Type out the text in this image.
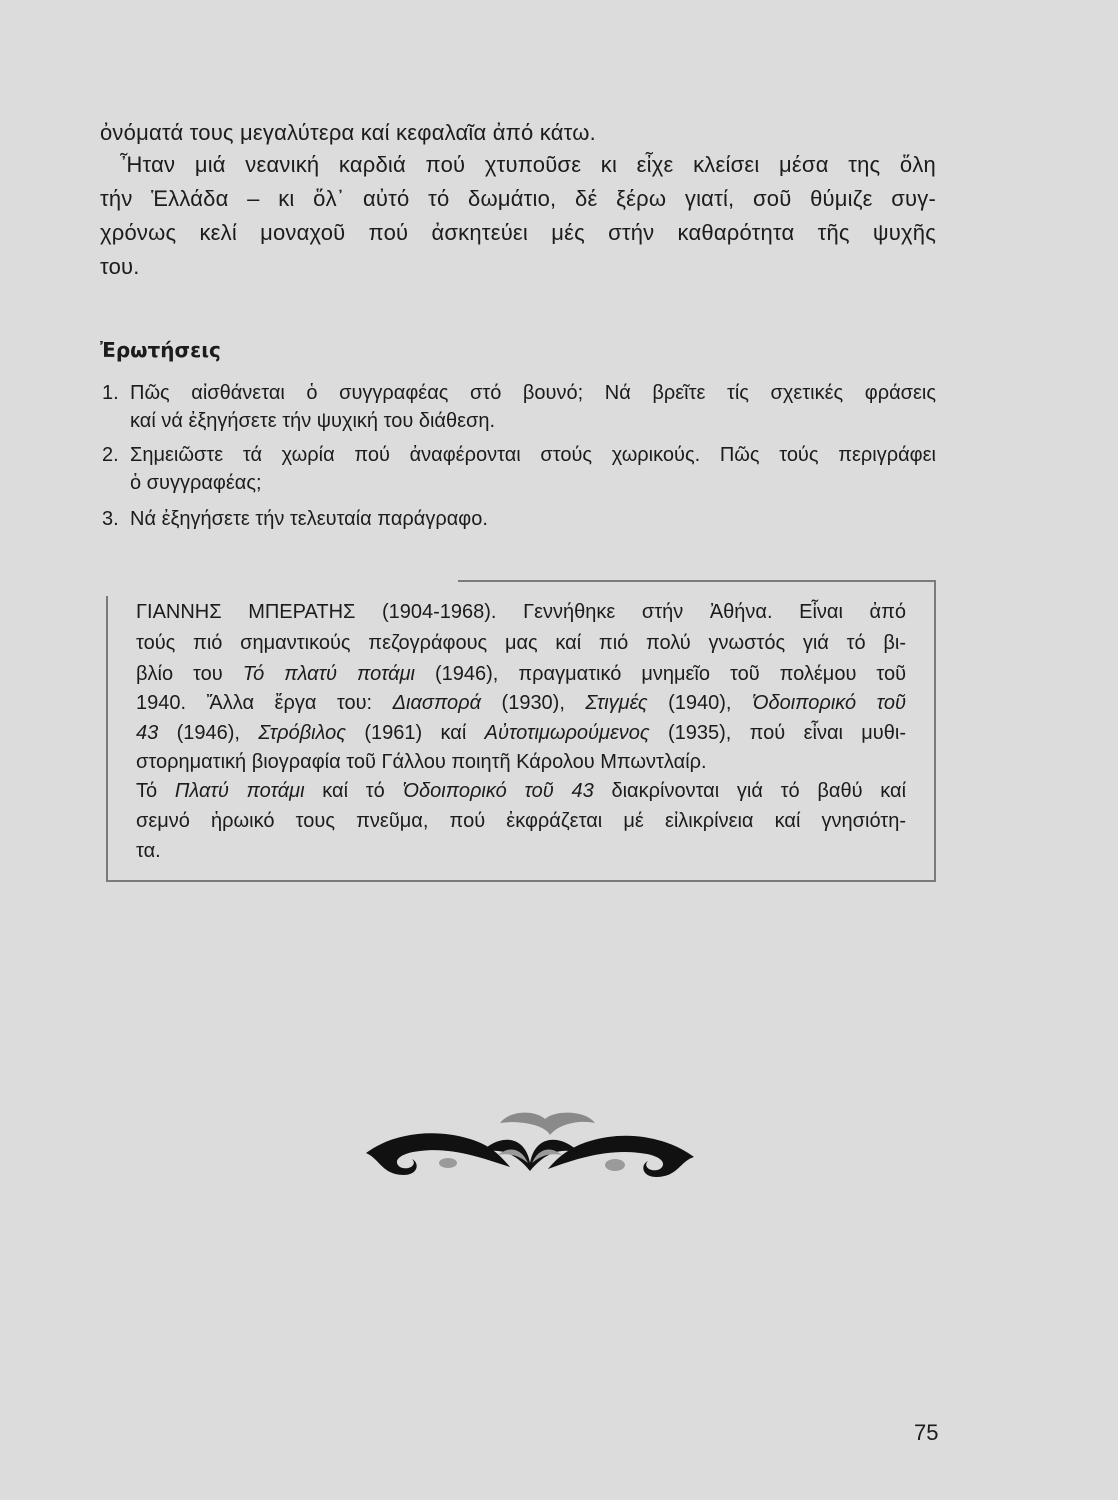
ὀνόματά τους μεγαλύτερα καί κεφαλαῖα ἀπό κάτω.
Ἦταν μιά νεανική καρδιά πού χτυποῦσε κι εἶχε κλείσει μέσα της ὅλη
τήν Ἑλλάδα – κι ὅλ᾽ αὐτό τό δωμάτιο, δέ ξέρω γιατί, σοῦ θύμιζε συγ-
χρόνως κελί μοναχοῦ πού ἀσκητεύει μές στήν καθαρότητα τῆς ψυχῆς
του.
Ἐρωτήσεις
1. Πῶς αἰσθάνεται ὁ συγγραφέας στό βουνό; Νά βρεῖτε τίς σχετικές φράσεις
καί νά ἐξηγήσετε τήν ψυχική του διάθεση.
2. Σημειῶστε τά χωρία πού ἀναφέρονται στούς χωρικούς. Πῶς τούς περιγράφει
ὁ συγγραφέας;
3. Νά ἐξηγήσετε τήν τελευταία παράγραφο.
ΓΙΑΝΝΗΣ ΜΠΕΡΑΤΗΣ (1904-1968). Γεννήθηκε στήν Ἀθήνα. Εἶναι ἀπό
τούς πιό σημαντικούς πεζογράφους μας καί πιό πολύ γνωστός γιά τό βι-
βλίο του Τό πλατύ ποτάμι (1946), πραγματικό μνημεῖο τοῦ πολέμου τοῦ
1940. Ἄλλα ἔργα του: Διασπορά (1930), Στιγμές (1940), Ὁδοιπορικό τοῦ
43 (1946), Στρόβιλος (1961) καί Αὐτοτιμωρούμενος (1935), πού εἶναι μυθι-
στορηματική βιογραφία τοῦ Γάλλου ποιητῆ Κάρολου Μπωντλαίρ.
Τό Πλατύ ποτάμι καί τό Ὁδοιπορικό τοῦ 43 διακρίνονται γιά τό βαθύ καί
σεμνό ἡρωικό τους πνεῦμα, πού ἐκφράζεται μέ εἰλικρίνεια καί γνησιότη-
τα.
75
